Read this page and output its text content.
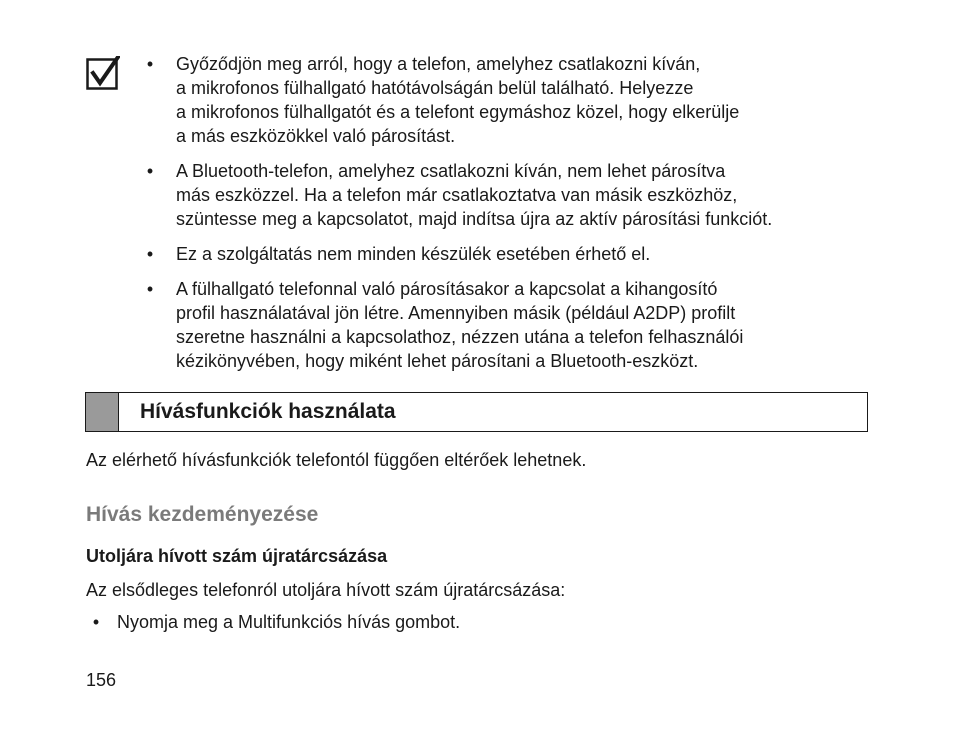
•	Győződjön meg arról, hogy a telefon, amelyhez csatlakozni kíván,
a mikrofonos fülhallgató hatótávolságán belül található. Helyezze
a mikrofonos fülhallgatót és a telefont egymáshoz közel, hogy elkerülje
a más eszközökkel való párosítást.
•	A Bluetooth-telefon, amelyhez csatlakozni kíván, nem lehet párosítva
más eszközzel. Ha a telefon már csatlakoztatva van másik eszközhöz,
szüntesse meg a kapcsolatot, majd indítsa újra az aktív párosítási funkciót.
•	Ez a szolgáltatás nem minden készülék esetében érhető el.
•	A fülhallgató telefonnal való párosításakor a kapcsolat a kihangosító
profil használatával jön létre. Amennyiben másik (például A2DP) profilt
szeretne használni a kapcsolathoz, nézzen utána a telefon felhasználói
kézikönyvében, hogy miként lehet párosítani a Bluetooth-eszközt.
Hívásfunkciók használata
Az elérhető hívásfunkciók telefontól függően eltérőek lehetnek.
Hívás kezdeményezése
Utoljára hívott szám újratárcsázása
Az elsődleges telefonról utoljára hívott szám újratárcsázása:
• Nyomja meg a Multifunkciós hívás gombot.
156
